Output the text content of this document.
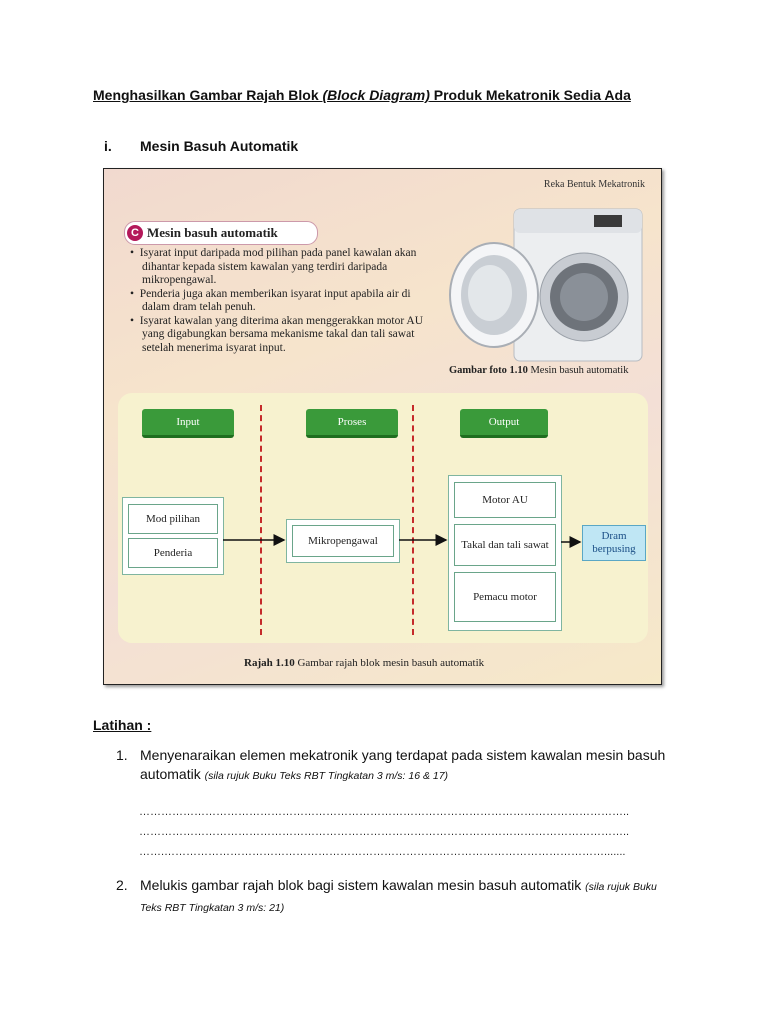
Menghasilkan Gambar Rajah Blok (Block Diagram) Produk Mekatronik Sedia Ada
i. Mesin Basuh Automatik
Reka Bentuk Mekatronik
C Mesin basuh automatik
•  Isyarat input daripada mod pilihan pada panel kawalan akan dihantar kepada sistem kawalan yang terdiri daripada mikropengawal.
•  Penderia juga akan memberikan isyarat input apabila air di dalam dram telah penuh.
•  Isyarat kawalan yang diterima akan menggerakkan motor AU yang digabungkan bersama mekanisme takal dan tali sawat setelah menerima isyarat input.
Gambar foto 1.10 Mesin basuh automatik
Input	Proses	Output
Mod pilihan
Penderia
Mikropengawal
Motor AU
Takal dan tali sawat
Pemacu motor
Dram berpusing
Rajah 1.10 Gambar rajah blok mesin basuh automatik
Latihan :
1. Menyenaraikan elemen mekatronik yang terdapat pada sistem kawalan mesin basuh automatik (sila rujuk Buku Teks RBT Tingkatan 3 m/s: 16 & 17)
……………………………………………………………………………………………………………………..
……………………………………………………………………………………………………………………..
…….………………………………………………………………………………………………………….......
2. Melukis gambar rajah blok bagi sistem kawalan mesin basuh automatik (sila rujuk Buku Teks RBT Tingkatan 3 m/s: 21)
